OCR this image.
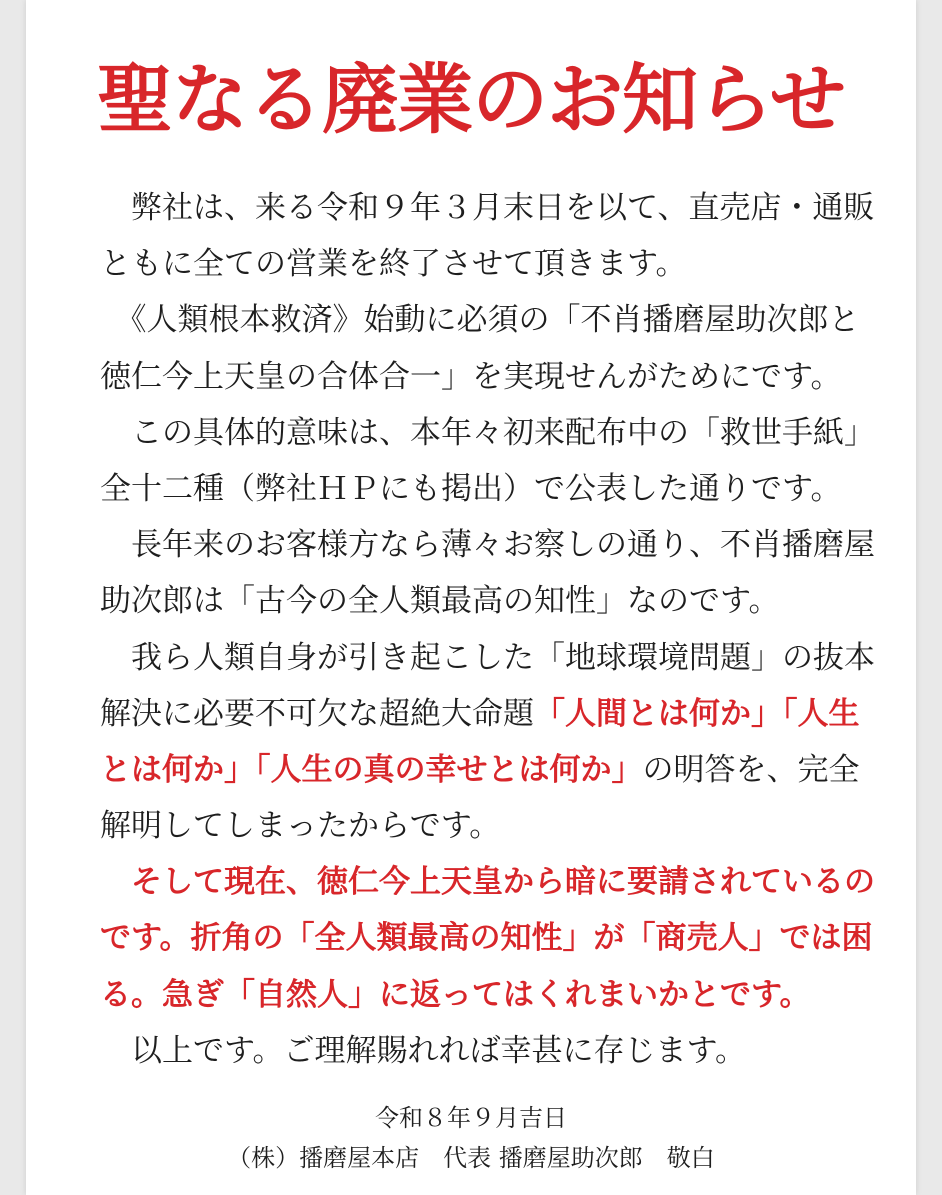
聖なる廃業のお知らせ
　弊社は、来る令和９年３月末日を以て、直売店・通販
ともに全ての営業を終了させて頂きます。
　《人類根本救済》始動に必須の「不肖播磨屋助次郎と
徳仁今上天皇の合体合一」を実現せんがためにです。
　この具体的意味は、本年々初来配布中の「救世手紙」
全十二種（弊社ＨＰにも掲出）で公表した通りです。
　長年来のお客様方なら薄々お察しの通り、不肖播磨屋
助次郎は「古今の全人類最高の知性」なのです。
　我ら人類自身が引き起こした「地球環境問題」の抜本
解決に必要不可欠な超絶大命題「人間とは何か」「人生
とは何か」「人生の真の幸せとは何か」の明答を、完全
解明してしまったからです。
　そして現在、徳仁今上天皇から暗に要請されているの
です。折角の「全人類最高の知性」が「商売人」では困
る。急ぎ「自然人」に返ってはくれまいかとです。
　以上です。ご理解賜れれば幸甚に存じます。
令和８年９月吉日
（株）播磨屋本店　代表 播磨屋助次郎　敬白
